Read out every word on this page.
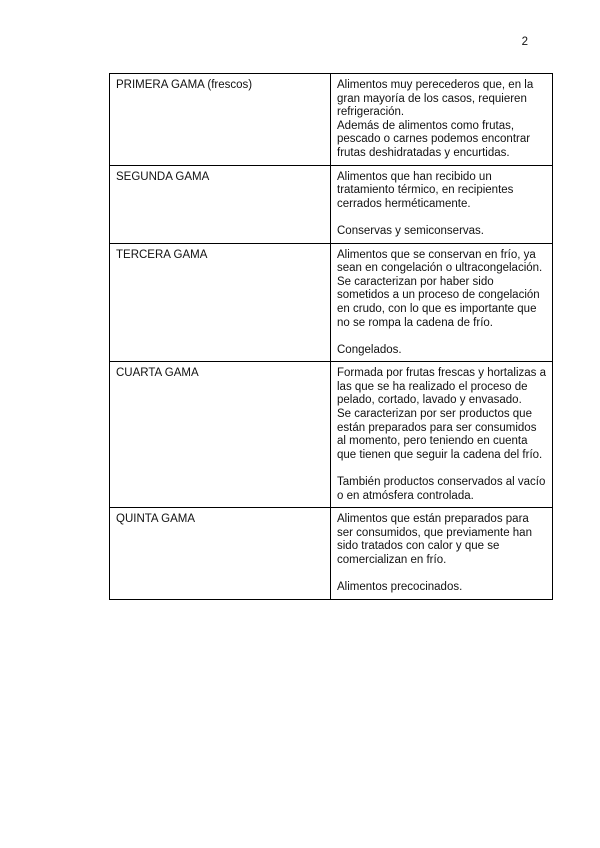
2
PRIMERA GAMA (frescos)	Alimentos muy perecederos que, en la gran mayoría de los casos, requieren refrigeración.
Además de alimentos como frutas, pescado o carnes podemos encontrar frutas deshidratadas y encurtidas.

SEGUNDA GAMA	Alimentos que han recibido un tratamiento térmico, en recipientes cerrados herméticamente.
Conservas y semiconservas.

TERCERA GAMA	Alimentos que se conservan en frío, ya sean en congelación o ultracongelación. Se caracterizan por haber sido sometidos a un proceso de congelación en crudo, con lo que es importante que no se rompa la cadena de frío.
Congelados.

CUARTA GAMA	Formada por frutas frescas y hortalizas a las que se ha realizado el proceso de pelado, cortado, lavado y envasado.
Se caracterizan por ser productos que están preparados para ser consumidos al momento, pero teniendo en cuenta que tienen que seguir la cadena del frío.
También productos conservados al vacío o en atmósfera controlada.

QUINTA GAMA	Alimentos que están preparados para ser consumidos, que previamente han sido tratados con calor y que se comercializan en frío.
Alimentos precocinados.
